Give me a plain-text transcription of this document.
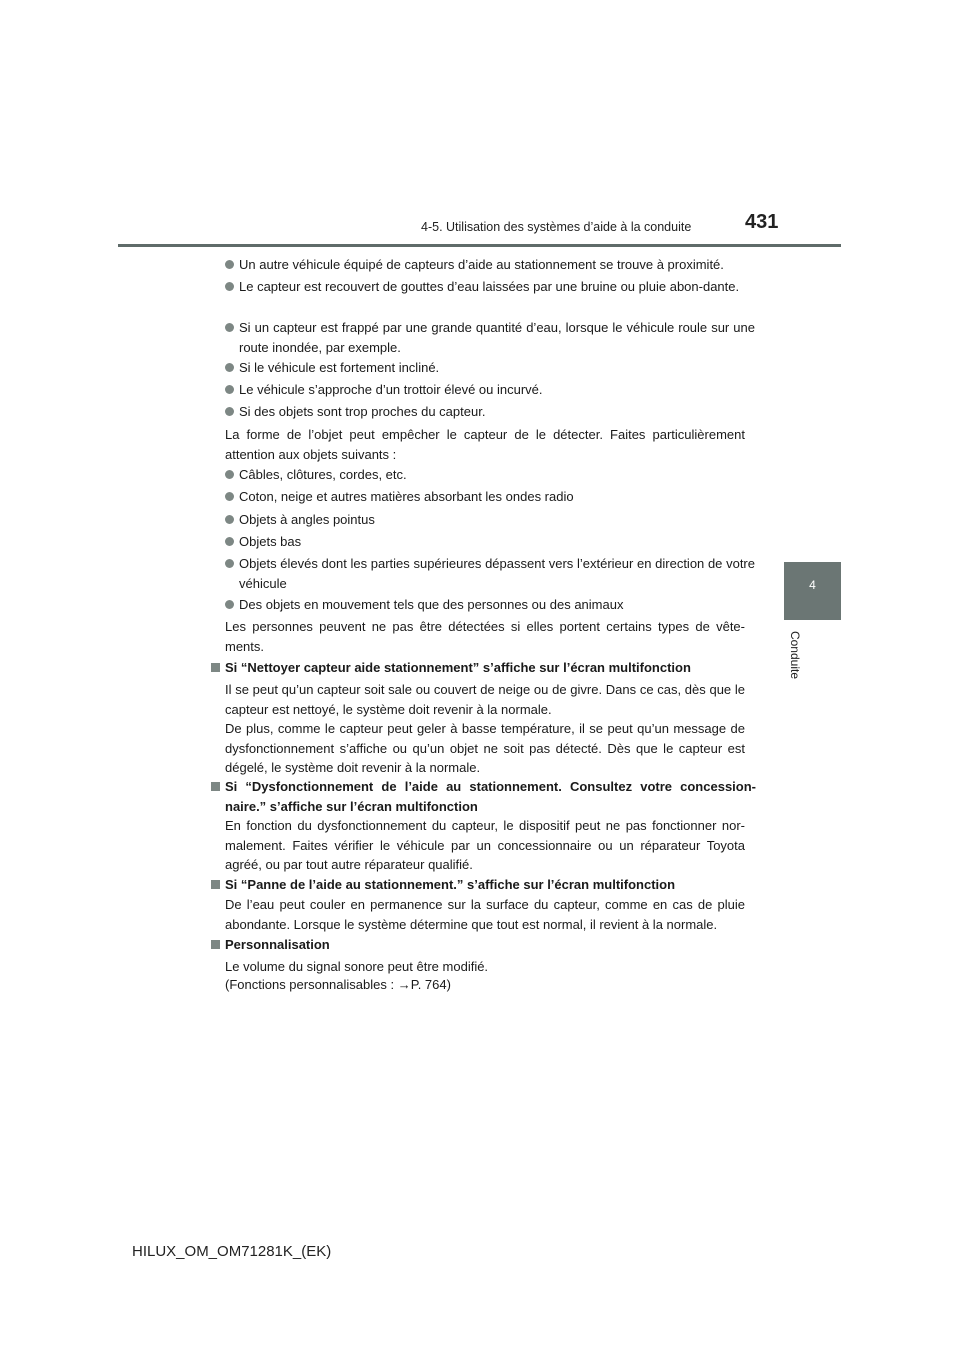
4-5. Utilisation des systèmes d’aide à la conduite	431
4
Conduite
Un autre véhicule équipé de capteurs d’aide au stationnement se trouve à proximité.
Le capteur est recouvert de gouttes d’eau laissées par une bruine ou pluie abon-dante.
Si un capteur est frappé par une grande quantité d’eau, lorsque le véhicule roule sur une route inondée, par exemple.
Si le véhicule est fortement incliné.
Le véhicule s’approche d’un trottoir élevé ou incurvé.
Si des objets sont trop proches du capteur.
La forme de l’objet peut empêcher le capteur de le détecter. Faites particulièrement attention aux objets suivants :
Câbles, clôtures, cordes, etc.
Coton, neige et autres matières absorbant les ondes radio
Objets à angles pointus
Objets bas
Objets élevés dont les parties supérieures dépassent vers l’extérieur en direction de votre véhicule
Des objets en mouvement tels que des personnes ou des animaux
Les personnes peuvent ne pas être détectées si elles portent certains types de vête-ments.
Si “Nettoyer capteur aide stationnement” s’affiche sur l’écran multifonction
Il se peut qu’un capteur soit sale ou couvert de neige ou de givre. Dans ce cas, dès que le capteur est nettoyé, le système doit revenir à la normale.
De plus, comme le capteur peut geler à basse température, il se peut qu’un message de dysfonctionnement s’affiche ou qu’un objet ne soit pas détecté. Dès que le capteur est dégelé, le système doit revenir à la normale.
Si “Dysfonctionnement de l’aide au stationnement. Consultez votre concession-naire.” s’affiche sur l’écran multifonction
En fonction du dysfonctionnement du capteur, le dispositif peut ne pas fonctionner nor-malement. Faites vérifier le véhicule par un concessionnaire ou un réparateur Toyota agréé, ou par tout autre réparateur qualifié.
Si “Panne de l’aide au stationnement.” s’affiche sur l’écran multifonction
De l’eau peut couler en permanence sur la surface du capteur, comme en cas de pluie abondante. Lorsque le système détermine que tout est normal, il revient à la normale.
Personnalisation
Le volume du signal sonore peut être modifié.
(Fonctions personnalisables : →P. 764)
HILUX_OM_OM71281K_(EK)
